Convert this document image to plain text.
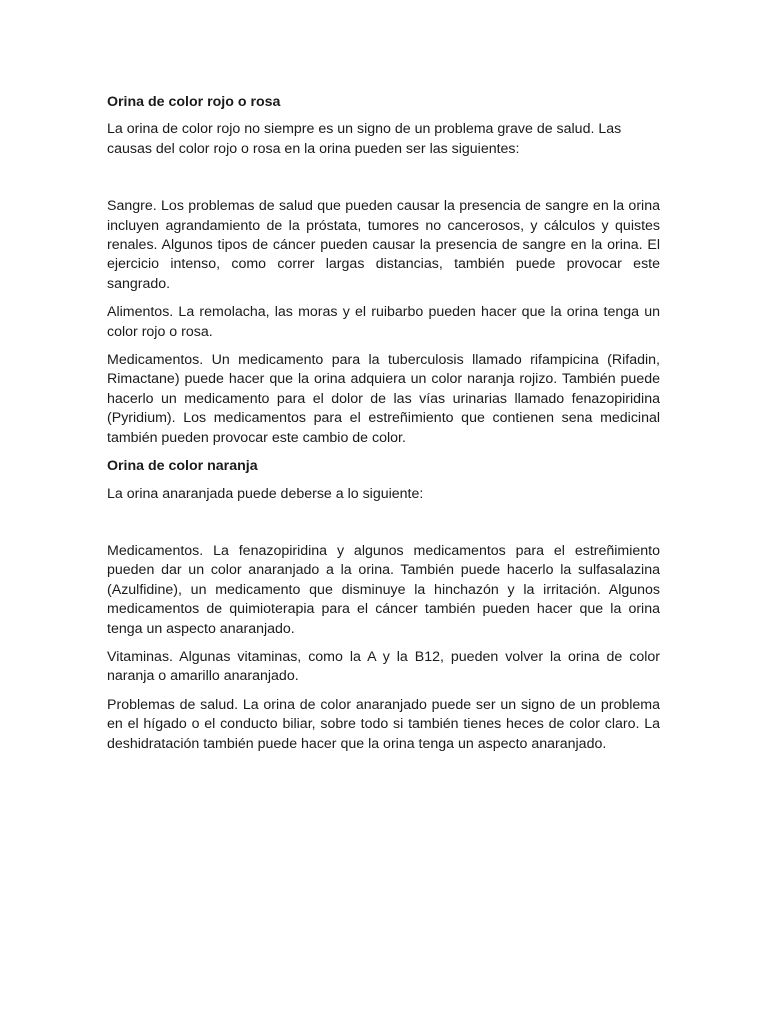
Orina de color rojo o rosa

La orina de color rojo no siempre es un signo de un problema grave de salud. Las causas del color rojo o rosa en la orina pueden ser las siguientes:

Sangre. Los problemas de salud que pueden causar la presencia de sangre en la orina incluyen agrandamiento de la próstata, tumores no cancerosos, y cálculos y quistes renales. Algunos tipos de cáncer pueden causar la presencia de sangre en la orina. El ejercicio intenso, como correr largas distancias, también puede provocar este sangrado.

Alimentos. La remolacha, las moras y el ruibarbo pueden hacer que la orina tenga un color rojo o rosa.

Medicamentos. Un medicamento para la tuberculosis llamado rifampicina (Rifadin, Rimactane) puede hacer que la orina adquiera un color naranja rojizo. También puede hacerlo un medicamento para el dolor de las vías urinarias llamado fenazopiridina (Pyridium). Los medicamentos para el estreñimiento que contienen sena medicinal también pueden provocar este cambio de color.

Orina de color naranja

La orina anaranjada puede deberse a lo siguiente:

Medicamentos. La fenazopiridina y algunos medicamentos para el estreñimiento pueden dar un color anaranjado a la orina. También puede hacerlo la sulfasalazina (Azulfidine), un medicamento que disminuye la hinchazón y la irritación. Algunos medicamentos de quimioterapia para el cáncer también pueden hacer que la orina tenga un aspecto anaranjado.

Vitaminas. Algunas vitaminas, como la A y la B12, pueden volver la orina de color naranja o amarillo anaranjado.

Problemas de salud. La orina de color anaranjado puede ser un signo de un problema en el hígado o el conducto biliar, sobre todo si también tienes heces de color claro. La deshidratación también puede hacer que la orina tenga un aspecto anaranjado.
